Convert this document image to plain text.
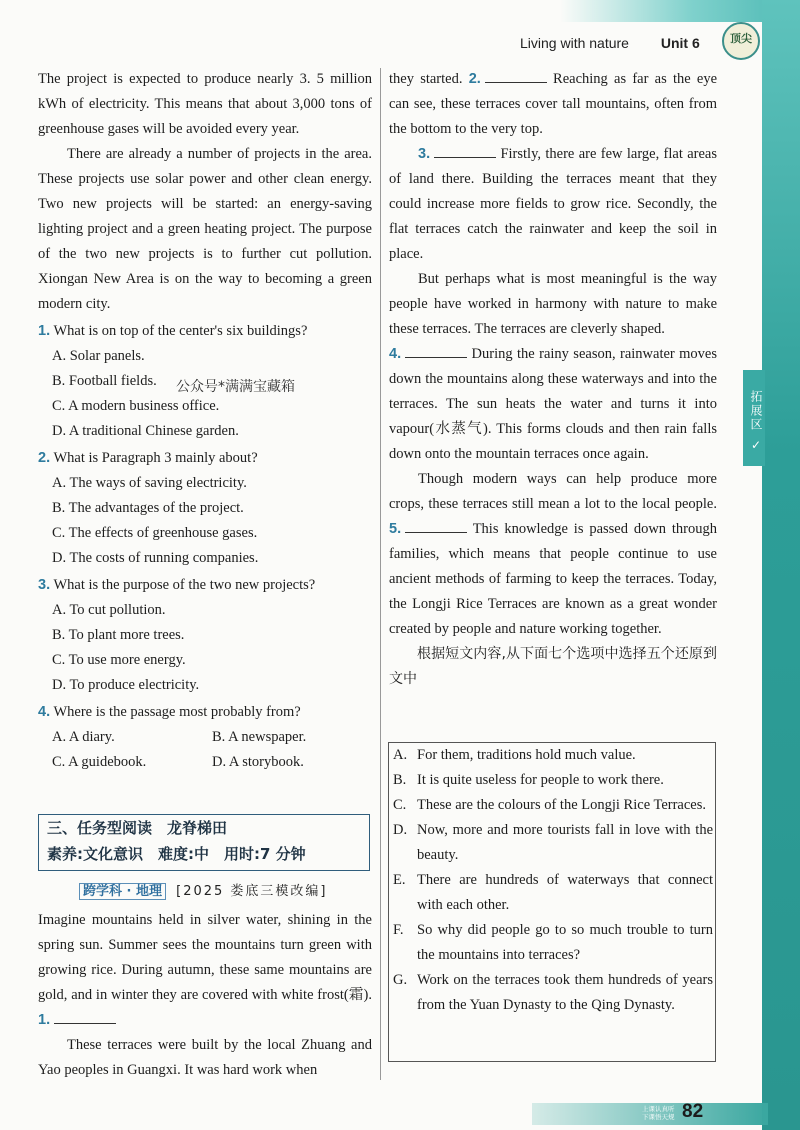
Living with nature Unit 6	顶尖
拓展区 ✓

The project is expected to produce nearly 3. 5 million kWh of electricity. This means that about 3,000 tons of greenhouse gases will be avoided every year.

There are already a number of projects in the area. These projects use solar power and other clean energy. Two new projects will be started: an energy-saving lighting project and a green heating project. The purpose of the two new projects is to further cut pollution. Xiongan New Area is on the way to becoming a green modern city.

1. What is on top of the center's six buildings?
A. Solar panels.
B. Football fields.
C. A modern business office.
D. A traditional Chinese garden.
2. What is Paragraph 3 mainly about?
A. The ways of saving electricity.
B. The advantages of the project.
C. The effects of greenhouse gases.
D. The costs of running companies.
3. What is the purpose of the two new projects?
A. To cut pollution.
B. To plant more trees.
C. To use more energy.
D. To produce electricity.
4. Where is the passage most probably from?
A. A diary.	B. A newspaper.
C. A guidebook.	D. A storybook.
公众号*满满宝藏箱
三、任务型阅读　龙脊梯田
素养:文化意识　难度:中　用时:7 分钟
跨学科 · 地理 [2025 娄底三模改编]

Imagine mountains held in silver water, shining in the spring sun. Summer sees the mountains turn green with growing rice. During autumn, these same mountains are gold, and in winter they are covered with white frost(霜). 1.

These terraces were built by the local Zhuang and Yao peoples in Guangxi. It was hard work when

they started. 2.	Reaching as far as the eye can see, these terraces cover tall mountains, often from the bottom to the very top.

3.	Firstly, there are few large, flat areas of land there. Building the terraces meant that they could increase more fields to grow rice. Secondly, the flat terraces catch the rainwater and keep the soil in place.

But perhaps what is most meaningful is the way people have worked in harmony with nature to make these terraces. The terraces are cleverly shaped.

4.	During the rainy season, rainwater moves down the mountains along these waterways and into the terraces. The sun heats the water and turns it into vapour(水蒸气). This forms clouds and then rain falls down onto the mountain terraces once again.

Though modern ways can help produce more crops, these terraces still mean a lot to the local people. 5.	This knowledge is passed down through families, which means that people continue to use ancient methods of farming to keep the terraces. Today, the Longji Rice Terraces are known as a great wonder created by people and nature working together.

根据短文内容,从下面七个选项中选择五个还原到文中

A. For them, traditions hold much value.
B. It is quite useless for people to work there.
C. These are the colours of the Longji Rice Terraces.
D. Now, more and more tourists fall in love with the beauty.
E. There are hundreds of waterways that connect with each other.
F. So why did people go to so much trouble to turn the mountains into terraces?
G. Work on the terraces took them hundreds of years from the Yuan Dynasty to the Qing Dynasty.
上课认真听
下课悟天规 82
